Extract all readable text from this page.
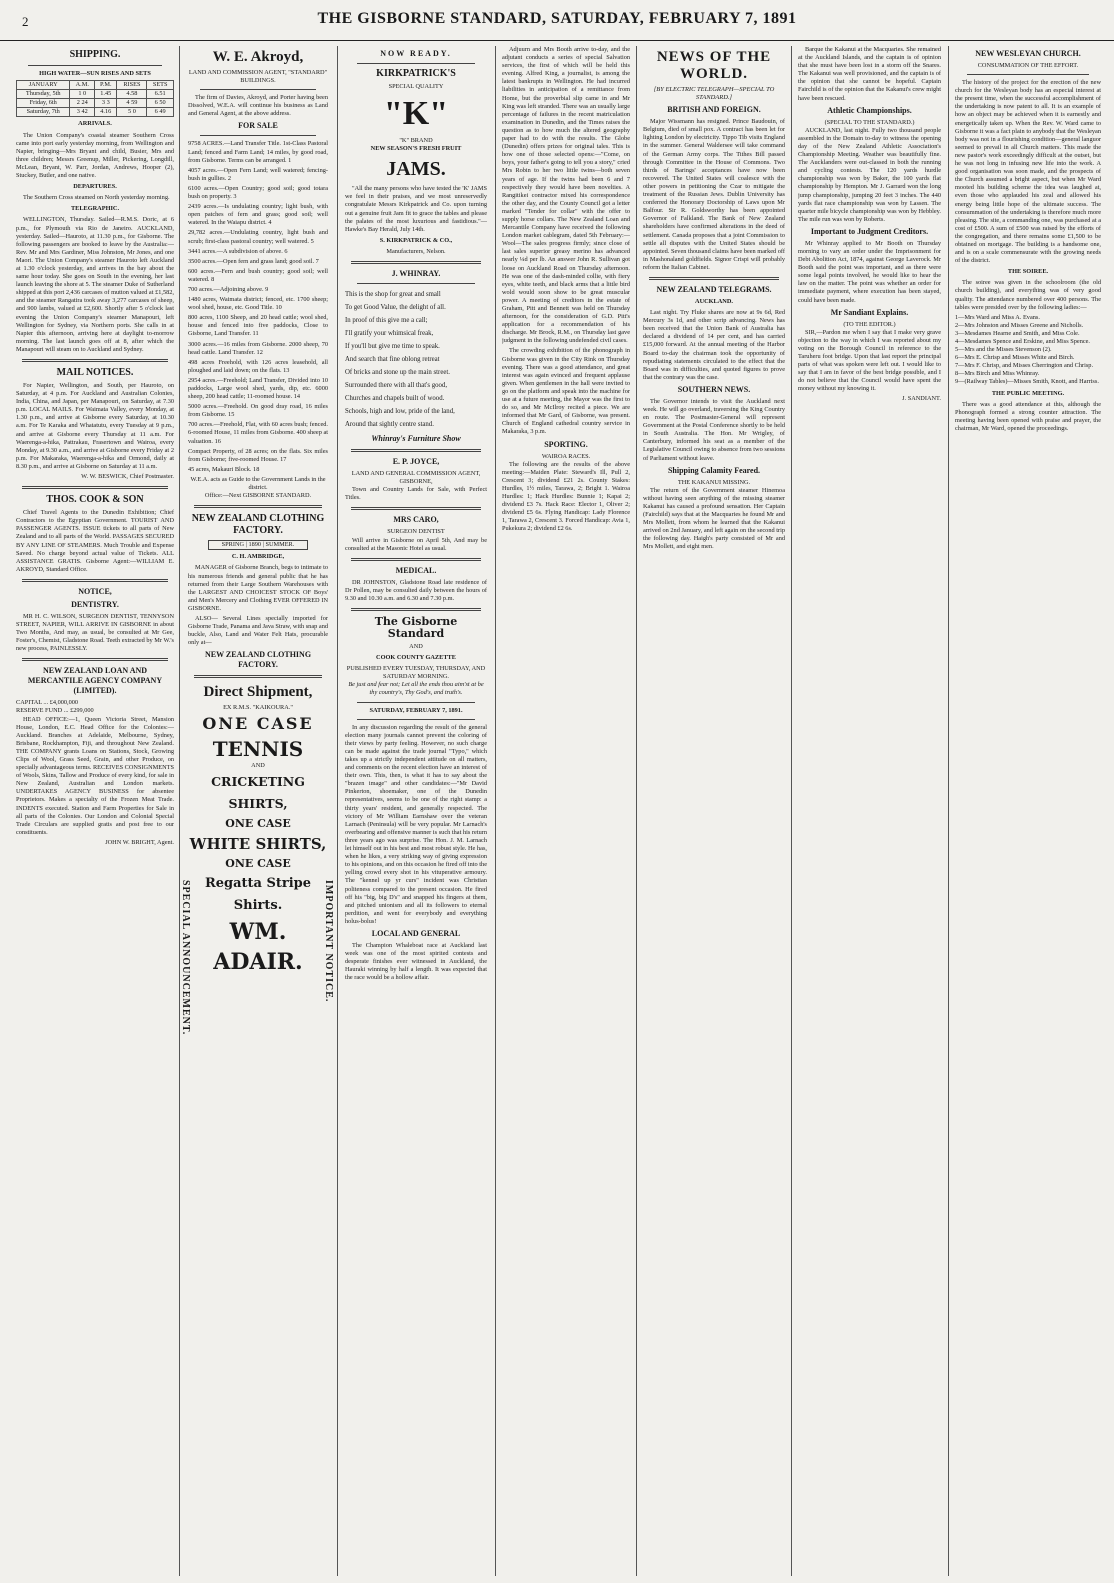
2	THE GISBORNE STANDARD, SATURDAY, FEBRUARY 7, 1891
SHIPPING.
HIGH WATER—SUN RISES AND SETS
JANUARY	A.M.	P.M.	RISES	SETS
Thursday, 5th	1 0	1.45	4.58	6.51
Friday, 6th	2 24	3 3	4 59	6 50
Saturday, 7th	3 42	4.16	5 0	6 49
ARRIVALS.

The Union Company's coastal steamer Southern Cross came into port early yesterday morning, from Wellington and Napier, bringing—Mrs Bryant and child, Busier, Mrs and three children; Messrs Greenup, Miller, Pickering, Longdill, McLean, Bryant, W. Parr, Jordan, Andrews, Hooper (2), Stuckey, Butler, and one native.

DEPARTURES.

The Southern Cross steamed on North yesterday morning.

TELEGRAPHIC.

WELLINGTON, Thursday. Sailed—R.M.S. Doric, at 6 p.m., for Plymouth via Rio de Janeiro. AUCKLAND, yesterday. Sailed—Hauroto, at 11.30 p.m., for Gisborne. The following passengers are booked to leave by the Australia:—Rev. Mr and Mrs Gardiner, Miss Johnston, Mr Jones, and one Maori. The Union Company's steamer Hauroto left Auckland at 1.30 o'clock yesterday, and arrives in the bay about the same hour today. She goes on South in the evening, her last launch leaving the shore at 5. The steamer Duke of Sutherland shipped at this port 2,436 carcases of mutton valued at £1,582, and the steamer Rangatira took away 3,277 carcases of sheep, and 900 lambs, valued at £2,600. Shortly after 5 o'clock last evening the Union Company's steamer Manapouri, left Wellington for Sydney, via Northern ports. She calls in at Napier this afternoon, arriving here at daylight to-morrow morning. The last launch goes off at 8, after which the Manapouri will steam on to Auckland and Sydney.

MAIL NOTICES.

For Napier, Wellington, and South, per Hauroto, on Saturday, at 4 p.m. For Auckland and Australian Colonies, India, China, and Japan, per Manapouri, on Saturday, at 7.30 p.m. LOCAL MAILS. For Waimata Valley, every Monday, at 1.30 p.m., and arrive at Gisborne every Saturday, at 10.30 a.m. For Te Karaka and Whatatutu, every Tuesday at 9 p.m., and arrive at Gisborne every Thursday at 11 a.m. For Waerenga-a-hika, Pattrakau, Frasertown and Wairoa, every Monday, at 9.30 a.m., and arrive at Gisborne every Friday at 2 p.m. For Makaraka, Waerenga-a-hika and Ormond, daily at 8.30 p.m., and arrive at Gisborne on Saturday at 11 a.m.

W. W. BESWICK, Chief Postmaster.
THOS. COOK & SON

Chief Travel Agents to the Dunedin Exhibition; Chief Contractors to the Egyptian Government. TOURIST AND PASSENGER AGENTS. ISSUE tickets to all parts of New Zealand and to all parts of the World. PASSAGES SECURED BY ANY LINE OF STEAMERS. Much Trouble and Expense Saved. No charge beyond actual value of Tickets. ALL ASSISTANCE GRATIS. Gisborne Agent:—WILLIAM E. AKROYD, Standard Office.

NOTICE,
DENTISTRY.

MR H. C. WILSON, SURGEON DENTIST, TENNYSON STREET, NAPIER, WILL ARRIVE IN GISBORNE in about Two Months, And may, as usual, be consulted at Mr Gee, Foster's, Chemist, Gladstone Road. Teeth extracted by Mr W.'s new process, PAINLESSLY.

NEW ZEALAND LOAN AND MERCANTILE AGENCY COMPANY (LIMITED).
CAPITAL ... £4,000,000
RESERVE FUND ... £299,000

HEAD OFFICE:—1, Queen Victoria Street, Mansion House, London, E.C. Head Office for the Colonies:—Auckland. Branches at Adelaide, Melbourne, Sydney, Brisbane, Rockhampton, Fiji, and throughout New Zealand. THE COMPANY grants Loans on Stations, Stock, Growing Clips of Wool, Grass Seed, Grain, and other Produce, on specially advantageous terms. RECEIVES CONSIGNMENTS of Wools, Skins, Tallow and Produce of every kind, for sale in New Zealand, Australian and London markets. UNDERTAKES AGENCY BUSINESS for absentee Proprietors. Makes a specialty of the Frozen Meat Trade. INDENTS executed. Station and Farm Properties for Sale in all parts of the Colonies. Our London and Colonial Special Trade Circulars are supplied gratis and post free to our constituents.

JOHN W. BRIGHT, Agent.
W. E. Akroyd,
LAND AND COMMISSION AGENT, "STANDARD" BUILDINGS.

The firm of Davies, Akroyd, and Porter having been Dissolved, W.E.A. will continue his business as Land and General Agent, at the above address.

FOR SALE
9758 ACRES.—Land Transfer Title. 1st-Class Pastoral Land; fenced and Farm Land; 14 miles, by good road, from Gisborne. Terms can be arranged. 1
4057 acres.—Open Fern Land; well watered; fencing-bush in gullies. 2
6100 acres.—Open Country; good soil; good totara bush on property. 3
2439 acres.—Is undulating country; light bush, with open patches of fern and grass; good soil; well watered. In the Waiapu district. 4
29,782 acres.—Undulating country, light bush and scrub; first-class pastoral country; well watered. 5
3441 acres.—A subdivision of above. 6
3500 acres.—Open fern and grass land; good soil. 7
600 acres.—Fern and bush country; good soil; well watered. 8
700 acres.—Adjoining above. 9
1480 acres, Waimata district; fenced, etc. 1700 sheep; wool shed, house, etc. Good Title. 10
800 acres, 1100 Sheep, and 20 head cattle; wool shed, house and fenced into five paddocks, Close to Gisborne, Land Transfer. 11
3000 acres.—16 miles from Gisborne. 2000 sheep, 70 head cattle. Land Transfer. 12
498 acres Freehold, with 126 acres leasehold, all ploughed and laid down; on the flats. 13
2954 acres.—Freehold; Land Transfer, Divided into 10 paddocks, Large wool shed, yards, dip, etc. 6000 sheep, 200 head cattle; 11-roomed house. 14
5000 acres.—Freehold. On good dray road, 16 miles from Gisborne. 15
700 acres.—Freehold, Flat, with 60 acres bush; fenced. 6-roomed House, 11 miles from Gisborne. 400 sheep at valuation. 16
Compact Property, of 28 acres; on the flats. Six miles from Gisborne; five-roomed House. 17
45 acres, Makauri Block. 18
W.E.A. acts as Guide to the Government Lands in the district.
Office:—Next GISBORNE STANDARD.
NEW ZEALAND CLOTHING FACTORY.
SPRING | 1890 | SUMMER.
C. H. AMBRIDGE,

MANAGER of Gisborne Branch, begs to intimate to his numerous friends and general public that he has returned from their Large Southern Warehouses with the LARGEST AND CHOICEST STOCK OF Boys' and Men's Mercery and Clothing EVER OFFERED IN GISBORNE.

ALSO— Several Lines specially imported for Gisborne Trade, Panama and Java Straw, with snap and buckle, Also, Land and Water Felt Hats, procurable only at—

NEW ZEALAND CLOTHING FACTORY.
Direct Shipment,
EX R.M.S. "KAIKOURA."
ONE CASE
TENNIS
AND
CRICKETING SHIRTS,
ONE CASE
WHITE SHIRTS,
ONE CASE
Regatta Stripe Shirts.
WM. ADAIR.
SPECIAL ANNOUNCEMENT.	IMPORTANT NOTICE.
NOW READY.
KIRKPATRICK'S
SPECIAL QUALITY
"K"
"K" BRAND
NEW SEASON'S FRESH FRUIT
JAMS.

"All the many persons who have tested the 'K' JAMS we feel in their praises, and we most unreservedly congratulate Messrs Kirkpatrick and Co. upon turning out a genuine fruit Jam fit to grace the tables and please the palates of the most luxurious and fastidious."—Hawke's Bay Herald, July 14th.

S. KIRKPATRICK & CO.,
Manufacturers, Nelson.
J. WHINRAY.
This is the shop for great and small
To get Good Value, the delight of all.
In proof of this give me a call;
I'll gratify your whimsical freak,
If you'll but give me time to speak.
And search that fine oblong retreat
Of bricks and stone up the main street.
Surrounded there with all that's good,
Churches and chapels built of wood.
Schools, high and low, pride of the land,
Around that sightly centre stand.
Whinray's Furniture Show
E. P. JOYCE,
LAND AND GENERAL COMMISSION AGENT, GISBORNE,

Town and Country Lands for Sale, with Perfect Titles.

MRS CARO,
SURGEON DENTIST

Will arrive in Gisborne on April 5th, And may be consulted at the Masonic Hotel as usual.

MEDICAL.

DR JOHNSTON, Gladstone Road late residence of Dr Pollen, may be consulted daily between the hours of 9.30 and 10.30 a.m. and 6.30 and 7.30 p.m.

The Gisborne Standard
AND
COOK COUNTY GAZETTE
PUBLISHED EVERY TUESDAY, THURSDAY, AND SATURDAY MORNING.
Be just and fear not; Let all the ends thou aim'st at be thy country's, Thy God's, and truth's.
SATURDAY, FEBRUARY 7, 1891.

In any discussion regarding the result of the general election many journals cannot prevent the coloring of their views by party feeling. However, no such charge can be made against the trade journal "Typo," which takes up a strictly independent attitude on all matters, and comments on the recent election have an interest of their own. This, then, is what it has to say about the "brazen image" and other candidates:—"Mr David Pinkerton, shoemaker, one of the Dunedin representatives, seems to be one of the right stamp: a thirty years' resident, and generally respected. The victory of Mr William Earnshaw over the veteran Larnach (Peninsula) will be very popular. Mr Larnach's overbearing and offensive manner is such that his return three years ago was surprise. The Hon. J. M. Larnach let himself out in his best and most robust style. He has, when he likes, a very striking way of giving expression to his opinions, and on this occasion he fired off into the yelling crowd every shot in his vituperative armoury. The "kennel up yr curs" incident was Christian politeness compared to the present occasion. He fired off his "big, big D's" and snapped his fingers at them, and pitched unionism and all its followers to eternal perdition, and went for everybody and everything holus-bolus!

LOCAL AND GENERAL

The Champion Whaleboat race at Auckland last week was one of the most spirited contests and desperate finishes ever witnessed in Auckland, the Hauraki winning by half a length. It was expected that the race would be a hollow affair.

Adjuurn and Mrs Booth arrive to-day, and the adjutant conducts a series of special Salvation services, the first of which will be held this evening. Alfred King, a journalist, is among the latest bankrupts in Wellington. He had incurred liabilities in anticipation of a remittance from Home, but the proverbial slip came in and Mr King was left stranded. There was an usually large percentage of failures in the recent matriculation examination in Dunedin, and the Times raises the question as to how much the altered geography paper had to do with the results. The Globe (Dunedin) offers prizes for original tales. This is how one of those selected opens:—"Come, on boys, your father's going to tell you a story," cried Mrs Robin to her two little twins—both seven years of age. If the twins had been 6 and 7 respectively they would have been novelties. A Rangitikei contractor mixed his correspondence the other day, and the County Council got a letter marked "Tender for collar" with the offer to supply horse collars. The New Zealand Loan and Mercantile Company have received the following London market cablegram, dated 5th February:—Wool—The sales progress firmly; since close of last sales superior greasy merino has advanced nearly ¼d per lb. An answer John R. Sullivan got loose on Auckland Road on Thursday afternoon. He was one of the dash-minded collie, with fiery eyes, white teeth, and black arms that a little bird wold would soon show to be great muscular power. A meeting of creditors in the estate of Graham, Pitt and Bennett was held on Thursday afternoon, for the consideration of G.D. Pitt's application for a recommendation of his discharge. Mr Brock, R.M., on Thursday last gave judgment in the following undefended civil cases.

The crowding exhibition of the phonograph in Gisborne was given in the City Rink on Thursday evening. There was a good attendance, and great interest was again evinced and frequent applause given. When gentlemen in the hall were invited to go on the platform and speak into the machine for use at a future meeting, the Mayor was the first to do so, and Mr McIlroy recited a piece. We are informed that Mr Gard, of Gisborne, was present. Church of England cathedral country service in Makaraka, 3 p.m.

SPORTING.
WAIROA RACES.

The following are the results of the above meeting:—Maiden Plate: Steward's Ill, Pull 2, Crescent 3; dividend £21 2s. County Stakes: Hurdles, 1½ miles, Tarawa, 2; Bright 1. Wairoa Hurdles: 1; Hack Hurdles: Bunnie 1; Kapai 2; dividend £3 7s. Hack Race: Elector 1, Oliver 2; dividend £5 6s. Flying Handicap: Lady Florence 1, Tarawa 2, Crescent 3. Forced Handicap: Avia 1, Pukekura 2; dividend £2 6s.

NEWS OF THE WORLD.
[BY ELECTRIC TELEGRAPH—SPECIAL TO STANDARD.]
BRITISH AND FOREIGN.

Major Wissmann has resigned. Prince Baudouin, of Belgium, died of small pox. A contract has been let for lighting London by electricity. Tippo Tib visits England in the summer. General Waldersee will take command of the German Army corps. The Tithes Bill passed through Committee in the House of Commons. Two thirds of Barings' acceptances have now been recovered. The United States will coalesce with the other powers in petitioning the Czar to mitigate the treatment of the Russian Jews. Dublin University has conferred the Honorary Doctorship of Laws upon Mr Balfour. Sir R. Goldsworthy has been appointed Governor of Falkland. The Bank of New Zealand shareholders have confirmed alterations in the deed of settlement. Canada proposes that a joint Commission to settle all disputes with the United States should be appointed. Seven thousand claims have been marked off in Mashonaland goldfields. Signor Crispi will probably reform the Italian Cabinet.

NEW ZEALAND TELEGRAMS.
AUCKLAND.

Last night. Try Fluke shares are now at 9s 6d, Red Mercury 3s 1d, and other scrip advancing. News has been received that the Union Bank of Australia has declared a dividend of 14 per cent, and has carried £15,000 forward. At the annual meeting of the Harbor Board to-day the chairman took the opportunity of repudiating statements circulated to the effect that the Board was in difficulties, and quoted figures to prove that the contrary was the case.

SOUTHERN NEWS.

The Governor intends to visit the Auckland next week. He will go overland, traversing the King Country en route. The Postmaster-General will represent Government at the Postal Conference shortly to be held in South Australia. The Hon. Mr Wrigley, of Canterbury, informed his seat as a member of the Legislative Council owing to absence from two sessions of Parliament without leave.

Shipping Calamity Feared.
THE KAKANUI MISSING.

The return of the Government steamer Hinemoa without having seen anything of the missing steamer Kakanui has caused a profound sensation. Her Captain (Fairchild) says that at the Macquaries he found Mr and Mrs Mollett, from whom he learned that the Kakanui arrived on 2nd January, and left again on the second trip the following day. Haigh's party consisted of Mr and Mrs Mollett, and eight men.

Barque the Kakanui at the Macquaries. She remained at the Auckland Islands, and the captain is of opinion that she must have been lost in a storm off the Snares. The Kakanui was well provisioned, and the captain is of the opinion that she cannot be hopeful. Captain Fairchild is of the opinion that the Kakanui's crew might have been rescued.

Athletic Championships.
(SPECIAL TO THE STANDARD.)

AUCKLAND, last night. Fully two thousand people assembled in the Domain to-day to witness the opening day of the New Zealand Athletic Association's Championship Meeting. Weather was beautifully fine. The Aucklanders were out-classed in both the running and cycling contests. The 120 yards hurdle championship was won by Baker, the 100 yards flat championship by Hempton. Mr J. Garrard won the long jump championship, jumping 20 feet 3 inches. The 440 yards flat race championship was won by Lassen. The quarter mile bicycle championship was won by Hebbley. The mile run was won by Roberts.

Important to Judgment Creditors.

Mr Whinray applied to Mr Booth on Thursday morning to vary an order under the Imprisonment for Debt Abolition Act, 1874, against George Laverock. Mr Booth said the point was important, and as there were some legal points involved, he would like to hear the law on the matter. The point was whether an order for immediate payment, where execution has been stayed, could have been made.

Mr Sandiant Explains.
(TO THE EDITOR.)

SIR,—Pardon me when I say that I make very grave objection to the way in which I was reported about my voting on the Borough Council in reference to the Taruheru foot bridge. Upon that last report the principal parts of what was spoken were left out. I would like to say that I am in favor of the best bridge possible, and I do not believe that the Council would have spent the money without my knowing it.

J. SANDIANT.
NEW WESLEYAN CHURCH.
CONSUMMATION OF THE EFFORT.

The history of the project for the erection of the new church for the Wesleyan body has an especial interest at the present time, when the successful accomplishment of the undertaking is now patent to all. It is an example of how an object may be achieved when it is earnestly and energetically taken up. When the Rev. W. Ward came to Gisborne it was a fact plain to anybody that the Wesleyan body was not in a flourishing condition—general languor seemed to prevail in all Church matters. This made the new pastor's work exceedingly difficult at the outset, but he was not long in infusing new life into the work. A good organisation was soon made, and the prospects of the Church assumed a bright aspect, but when Mr Ward mooted his building scheme the idea was laughed at, even those who applauded his zeal and allowed his energy being little hope of the ultimate success. The consummation of the undertaking is therefore much more pleasing. The site, a commanding one, was purchased at a cost of £500. A sum of £500 was raised by the efforts of the congregation, and there remains some £1,500 to be obtained on mortgage. The building is a handsome one, and is on a scale commensurate with the growing needs of the district.

THE SOIREE.

The soiree was given in the schoolroom (the old church building), and everything was of very good quality. The attendance numbered over 400 persons. The tables were presided over by the following ladies:—

1—Mrs Ward and Miss A. Evans.
2—Mrs Johnston and Misses Greene and Nicholls.
3—Mesdames Hearne and Smith, and Miss Cole.
4—Mesdames Spence and Erskine, and Miss Spence.
5—Mrs and the Misses Stevenson (2).
6—Mrs E. Chrisp and Misses White and Birch.
7—Mrs F. Chrisp, and Misses Cherrington and Chrisp.
8—Mrs Birch and Miss Whinray.
9—(Railway Tables)—Misses Smith, Knott, and Harriss.
THE PUBLIC MEETING.

There was a good attendance at this, although the Phonograph formed a strong counter attraction. The meeting having been opened with praise and prayer, the chairman, Mr Ward, opened the proceedings.
